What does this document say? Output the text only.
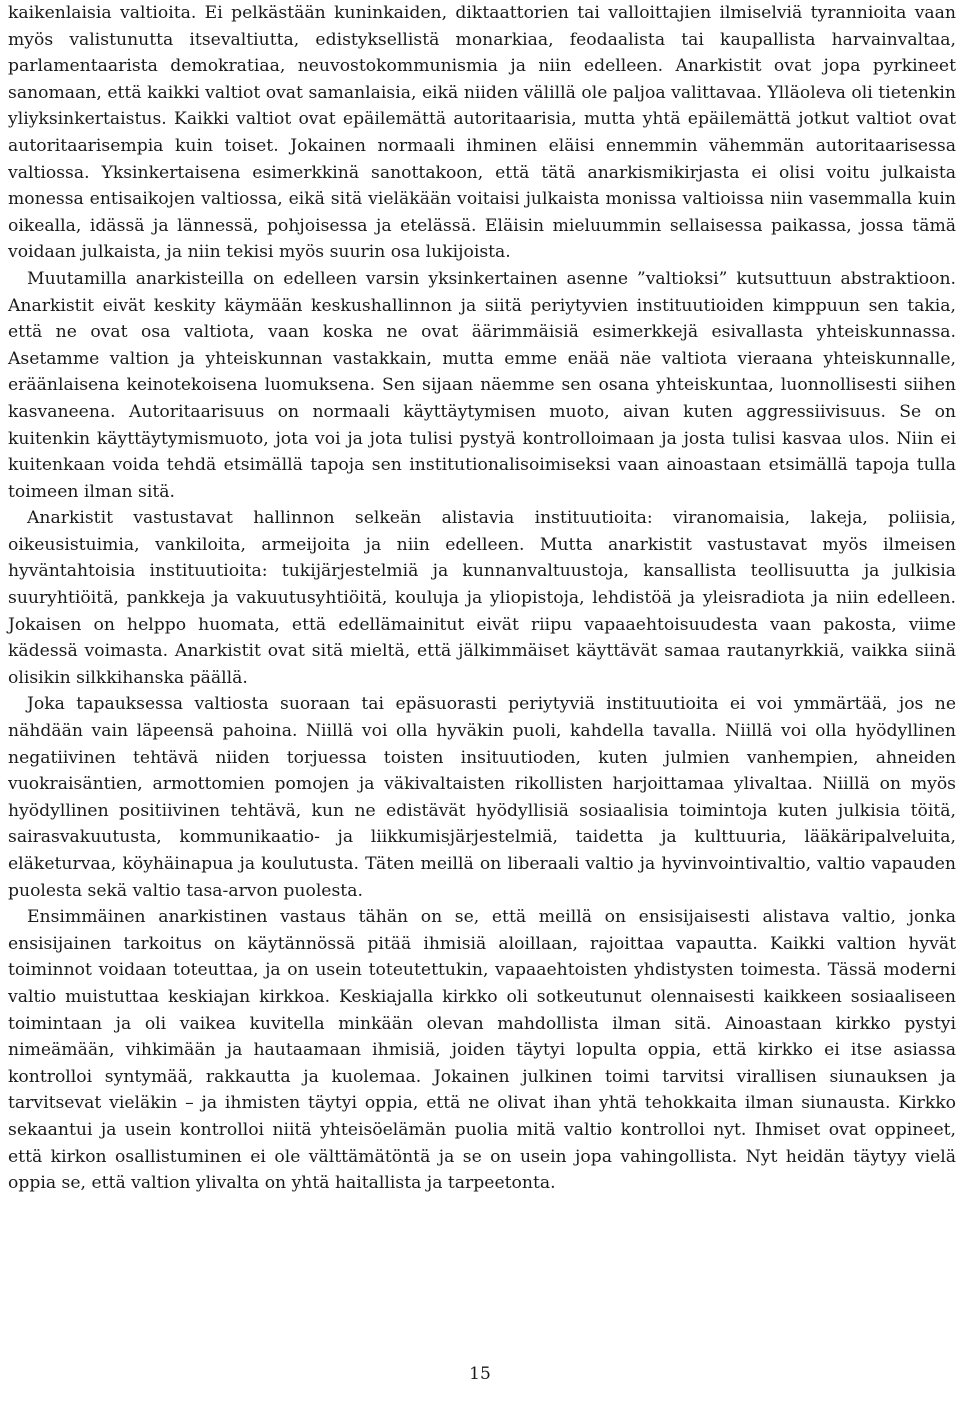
kaikenlaisia valtioita. Ei pelkästään kuninkaiden, diktaattorien tai valloittajien ilmiselviä tyrannioita vaan myös valistunutta itsevaltiutta, edistyksellistä monarkiaa, feodaalista tai kaupallista harvainvaltaa, parlamentaarista demokratiaa, neuvostokommunismia ja niin edelleen. Anarkistit ovat jopa pyrkineet sanomaan, että kaikki valtiot ovat samanlaisia, eikä niiden välillä ole paljoa valittavaa. Ylläoleva oli tietenkin yliyksinkertaistus. Kaikki valtiot ovat epäilemättä autoritaarisia, mutta yhtä epäilemättä jotkut valtiot ovat autoritaarisempia kuin toiset. Jokainen normaali ihminen eläisi ennemmin vähemmän autoritaarisessa valtiossa. Yksinkertaisena esimerkkinä sanottakoon, että tätä anarkismikirjasta ei olisi voitu julkaista monessa entisaikojen valtiossa, eikä sitä vieläkään voitaisi julkaista monissa valtioissa niin vasemmalla kuin oikealla, idässä ja lännessä, pohjoisessa ja etelässä. Eläisin mieluummin sellaisessa paikassa, jossa tämä voidaan julkaista, ja niin tekisi myös suurin osa lukijoista.

Muutamilla anarkisteilla on edelleen varsin yksinkertainen asenne ”valtioksi” kutsuttuun abstraktioon. Anarkistit eivät keskity käymään keskushallinnon ja siitä periytyvien instituutioiden kimppuun sen takia, että ne ovat osa valtiota, vaan koska ne ovat äärimmäisiä esimerkkejä esivallasta yhteiskunnassa. Asetamme valtion ja yhteiskunnan vastakkain, mutta emme enää näe valtiota vieraana yhteiskunnalle, eräänlaisena keinotekoisena luomuksena. Sen sijaan näemme sen osana yhteiskuntaa, luonnollisesti siihen kasvaneena. Autoritaarisuus on normaali käyttäytymisen muoto, aivan kuten aggressiivisuus. Se on kuitenkin käyttäytymismuoto, jota voi ja jota tulisi pystyä kontrolloimaan ja josta tulisi kasvaa ulos. Niin ei kuitenkaan voida tehdä etsimällä tapoja sen institutionalisoimiseksi vaan ainoastaan etsimällä tapoja tulla toimeen ilman sitä.

Anarkistit vastustavat hallinnon selkeän alistavia instituutioita: viranomaisia, lakeja, poliisia, oikeusistuimia, vankiloita, armeijoita ja niin edelleen. Mutta anarkistit vastustavat myös ilmeisen hyväntahtoisia instituutioita: tukijärjestelmiä ja kunnanvaltuustoja, kansallista teollisuutta ja julkisia suuryhtiöitä, pankkeja ja vakuutusyhtiöitä, kouluja ja yliopistoja, lehdistöä ja yleisradiota ja niin edelleen. Jokaisen on helppo huomata, että edellämainitut eivät riipu vapaaehtoisuudesta vaan pakosta, viime kädessä voimasta. Anarkistit ovat sitä mieltä, että jälkimmäiset käyttävät samaa rautanyrkkiä, vaikka siinä olisikin silkkihanska päällä.

Joka tapauksessa valtiosta suoraan tai epäsuorasti periytyviä instituutioita ei voi ymmärtää, jos ne nähdään vain läpeensä pahoina. Niillä voi olla hyväkin puoli, kahdella tavalla. Niillä voi olla hyödyllinen negatiivinen tehtävä niiden torjuessa toisten insituutioden, kuten julmien vanhempien, ahneiden vuokraisäntien, armottomien pomojen ja väkivaltaisten rikollisten harjoittamaa ylivaltaa. Niillä on myös hyödyllinen positiivinen tehtävä, kun ne edistävät hyödyllisiä sosiaalisia toimintoja kuten julkisia töitä, sairasvakuutusta, kommunikaatio- ja liikkumisjärjestelmiä, taidetta ja kulttuuria, lääkäripalveluita, eläketurvaa, köyhäinapua ja koulutusta. Täten meillä on liberaali valtio ja hyvinvointivaltio, valtio vapauden puolesta sekä valtio tasa-arvon puolesta.

Ensimmäinen anarkistinen vastaus tähän on se, että meillä on ensisijaisesti alistava valtio, jonka ensisijainen tarkoitus on käytännössä pitää ihmisiä aloillaan, rajoittaa vapautta. Kaikki valtion hyvät toiminnot voidaan toteuttaa, ja on usein toteutettukin, vapaaehtoisten yhdistysten toimesta. Tässä moderni valtio muistuttaa keskiajan kirkkoa. Keskiajalla kirkko oli sotkeutunut olennaisesti kaikkeen sosiaaliseen toimintaan ja oli vaikea kuvitella minkään olevan mahdollista ilman sitä. Ainoastaan kirkko pystyi nimeämään, vihkimään ja hautaamaan ihmisiä, joiden täytyi lopulta oppia, että kirkko ei itse asiassa kontrolloi syntymää, rakkautta ja kuolemaa. Jokainen julkinen toimi tarvitsi virallisen siunauksen ja tarvitsevat vieläkin – ja ihmisten täytyi oppia, että ne olivat ihan yhtä tehokkaita ilman siunausta. Kirkko sekaantui ja usein kontrolloi niitä yhteisöelämän puolia mitä valtio kontrolloi nyt. Ihmiset ovat oppineet, että kirkon osallistuminen ei ole välttämätöntä ja se on usein jopa vahingollista. Nyt heidän täytyy vielä oppia se, että valtion ylivalta on yhtä haitallista ja tarpeetonta.

15
